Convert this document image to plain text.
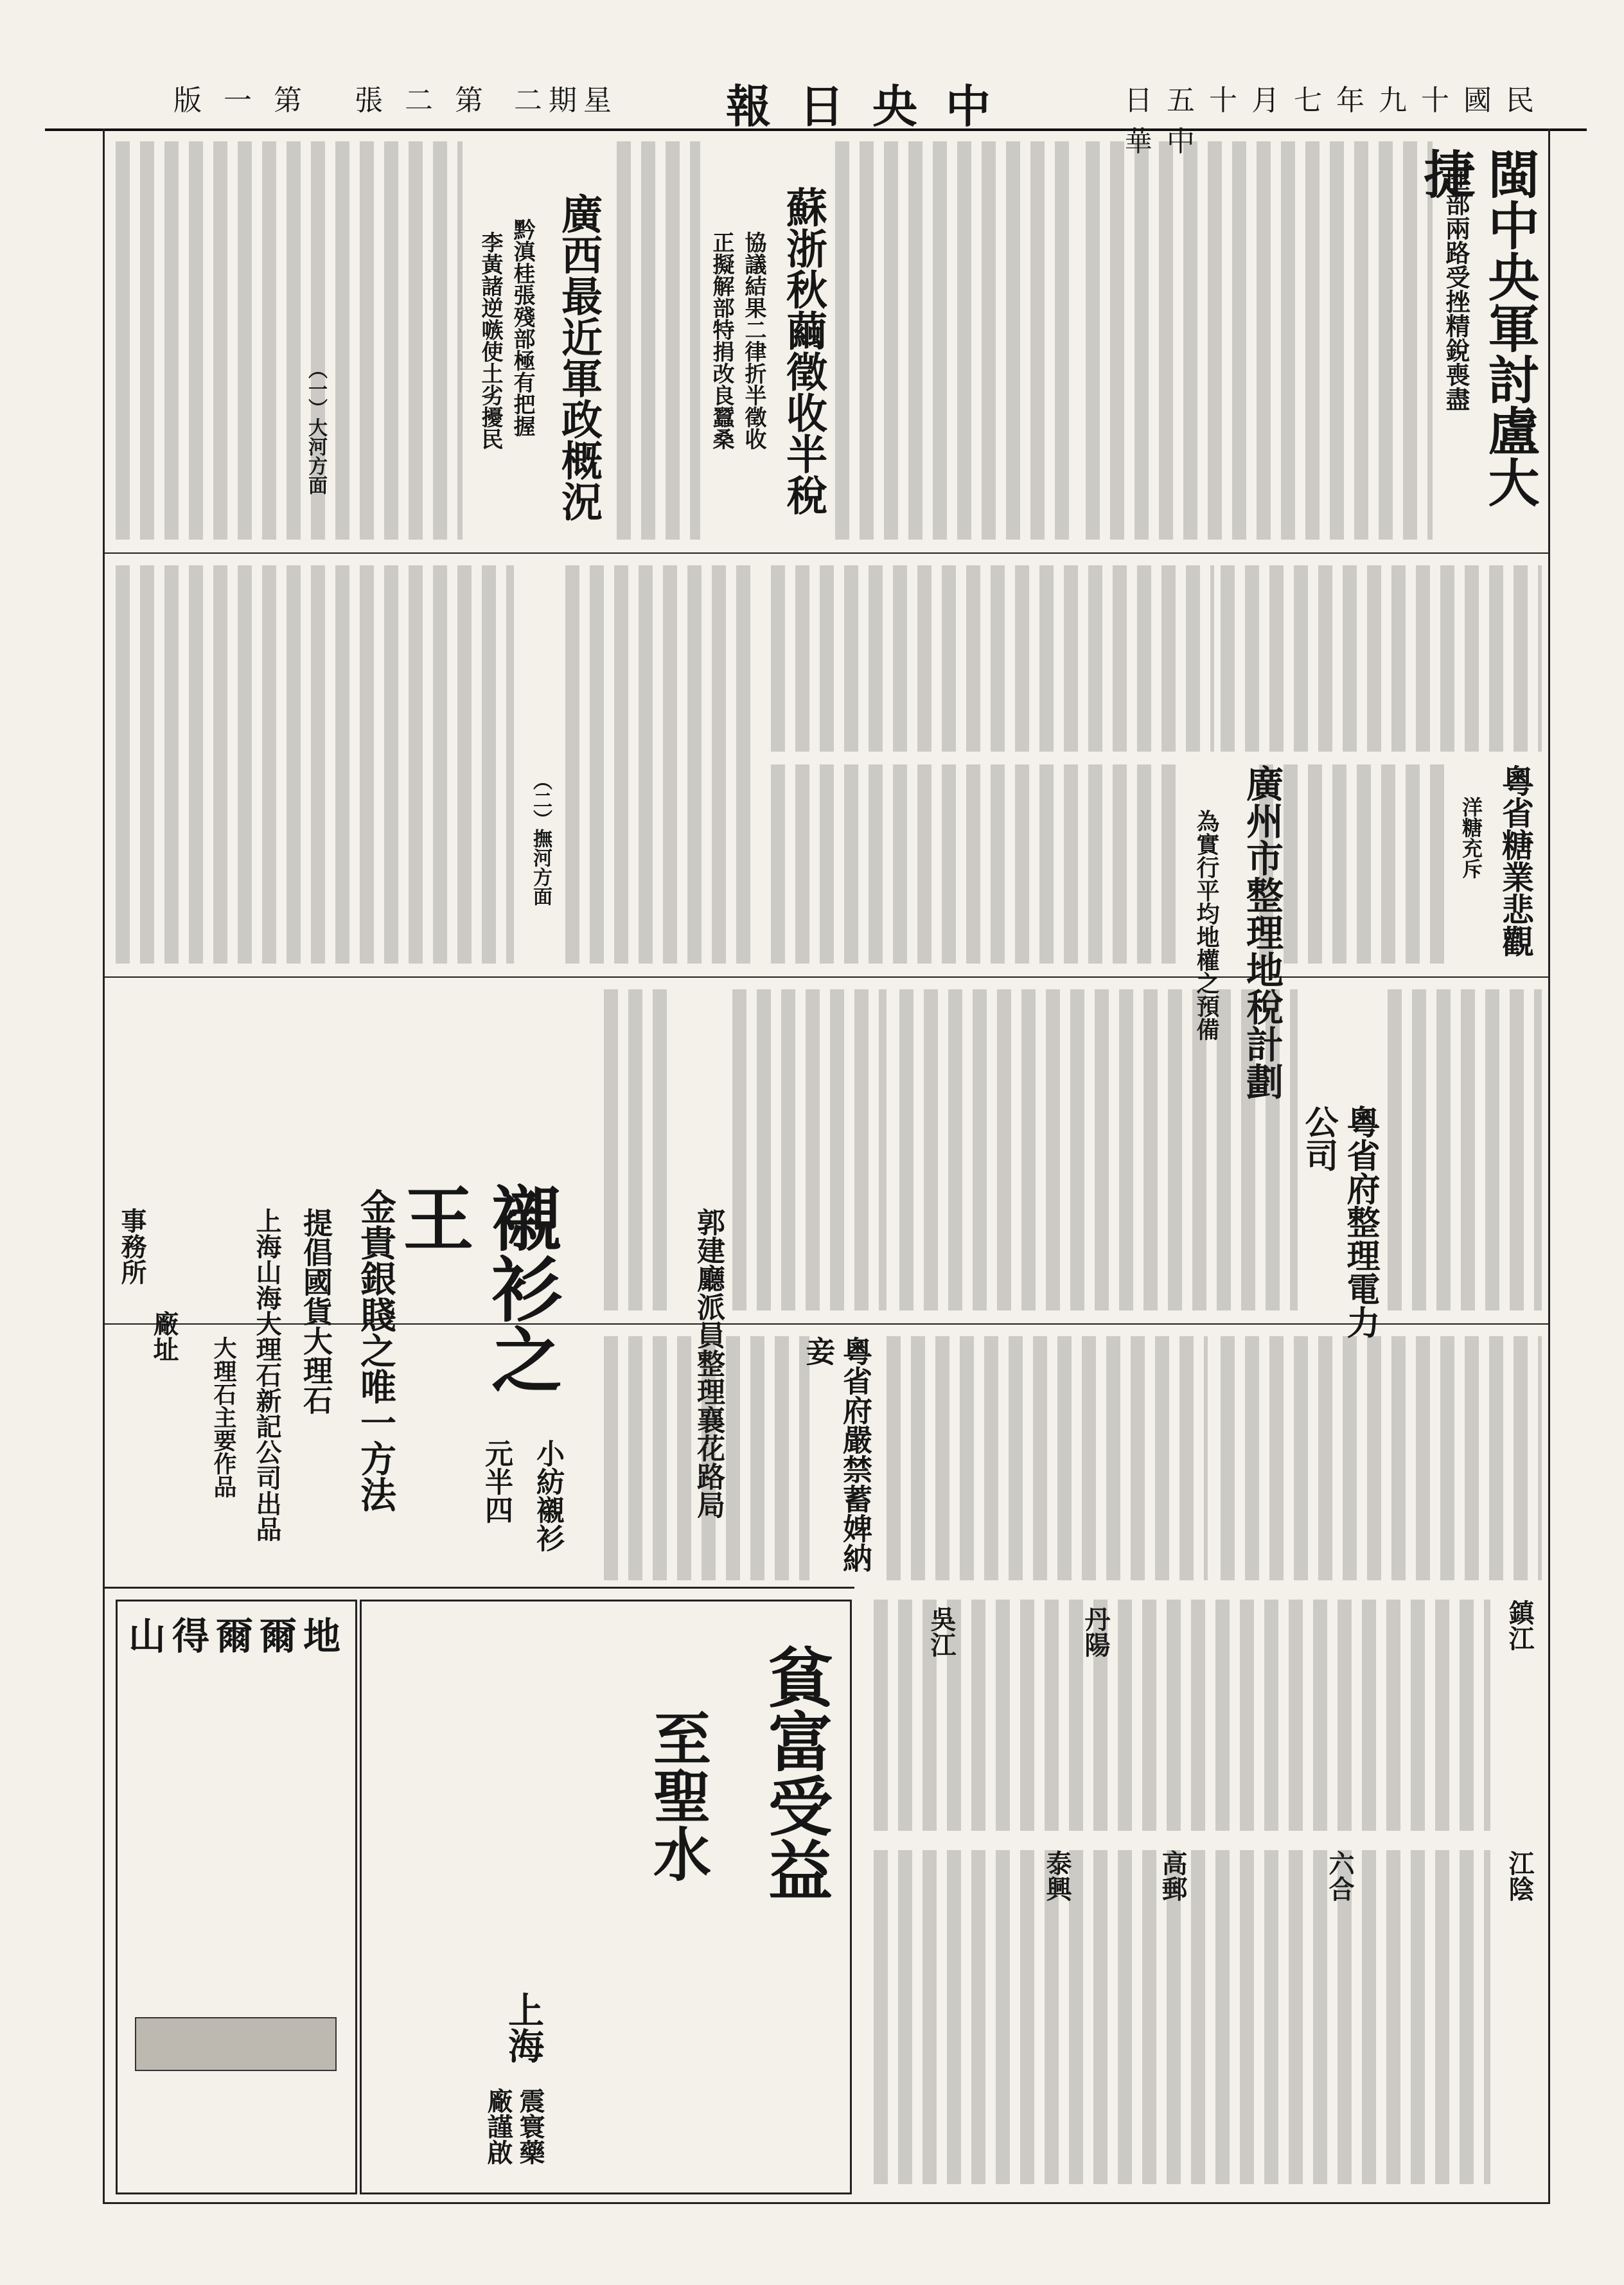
版一第 張二第 二期星 報日央中	日五十月七年九十國民華中
閩中央軍討盧大捷
匪部兩路受挫精銳喪盡
蘇浙秋繭徵收半稅
協議結果二律折半徵收
正擬解部特捐改良蠶桑
廣西最近軍政概況
黔滇桂張殘部極有把握
李黃諸逆嗾使土劣擾民
（一）大河方面
（二）撫河方面	粵省糖業悲觀
洋糖充斥
廣州市整理地稅計劃
為實行平均地權之預備
粵省府整理電力公司
郭建廳派員整理襄花路局	粵省府嚴禁蓄婢納妾
鎮江
江陰
丹陽
吳江
六合
高郵
泰興
襯衫之王
小紡襯衫
元半四
金貴銀賤之唯一方法
提倡國貨大理石
上海山海大理石新記公司出品
大理石主要作品
廠址
事務所
貧富受益
至聖水
上海
震寰藥廠謹啟
山得爾爾地
